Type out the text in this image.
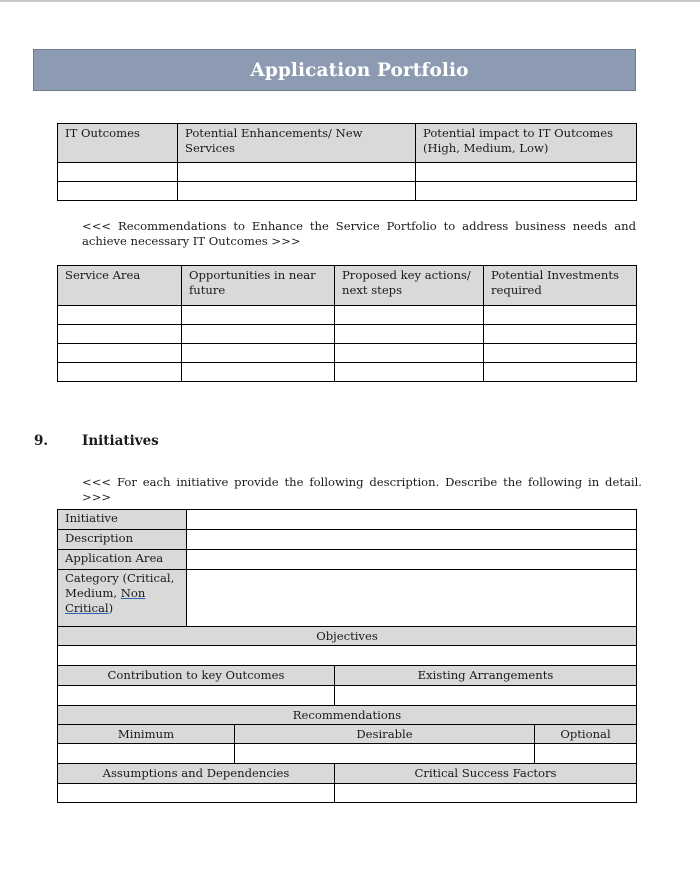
Application Portfolio
IT Outcomes	Potential Enhancements/ New Services	Potential impact to IT Outcomes (High, Medium, Low)

<<< Recommendations to Enhance the Service Portfolio to address business needs and achieve necessary IT Outcomes >>>
Service Area	Opportunities in near future	Proposed key actions/ next steps	Potential Investments required

9.	Initiatives
<<< For each initiative provide the following description. Describe the following in detail. >>>
Initiative				
Description				
Application Area				
Category (Critical, Medium, Non Critical)				
Objectives				

Contribution to key Outcomes			Existing Arrangements	

Recommendations				
Minimum		Desirable		Optional

Assumptions and Dependencies			Critical Success Factors	
